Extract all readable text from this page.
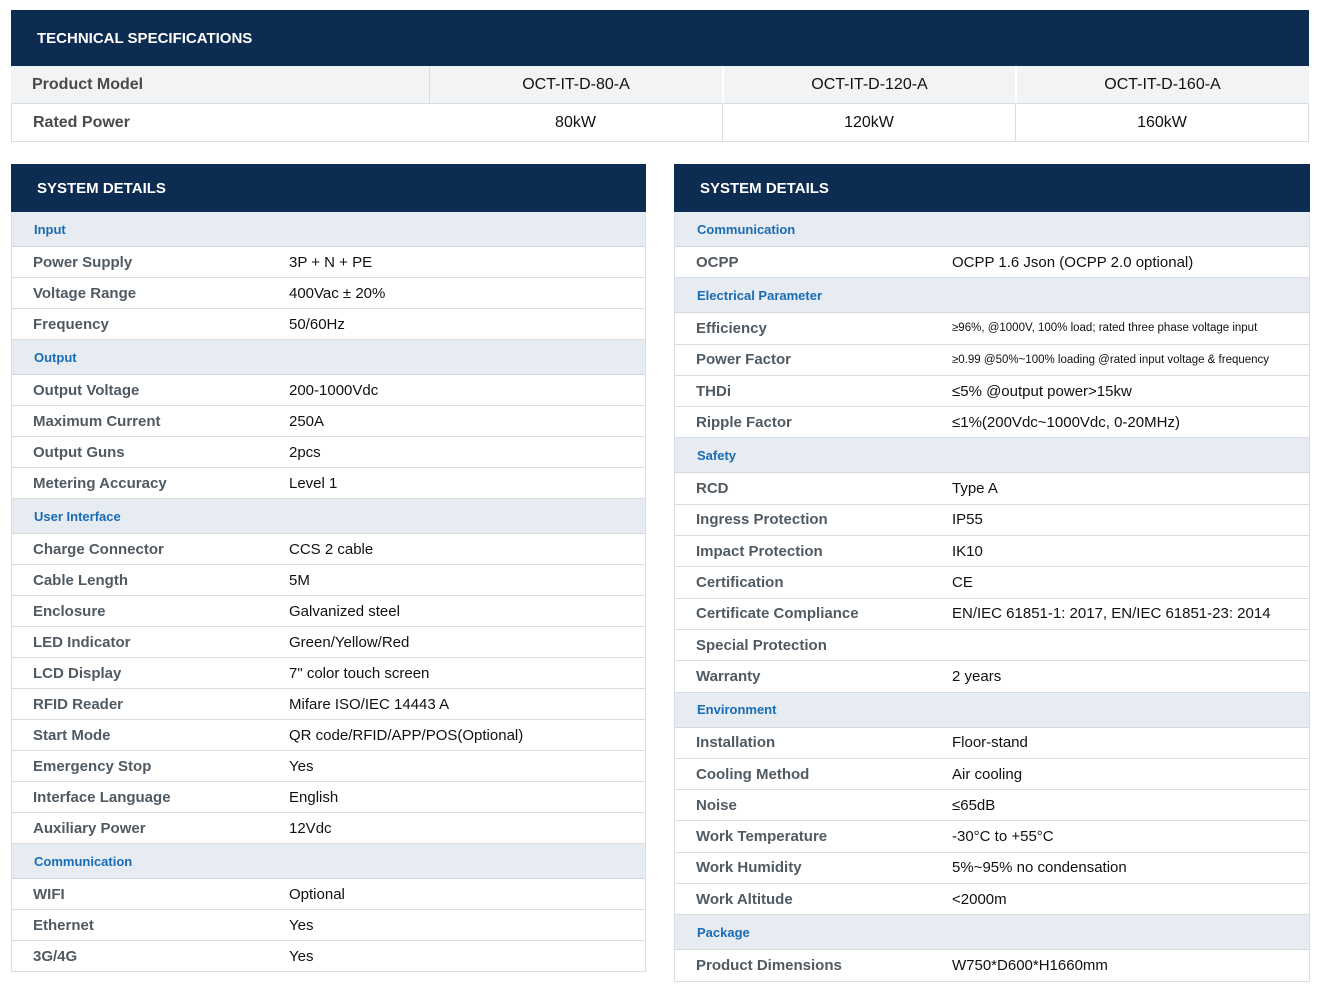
TECHNICAL SPECIFICATIONS
Product Model	OCT-IT-D-80-A	OCT-IT-D-120-A	OCT-IT-D-160-A
Rated Power	80kW	120kW	160kW
SYSTEM DETAILS
Input
Power Supply	3P + N + PE
Voltage Range	400Vac ± 20%
Frequency	50/60Hz
Output
Output Voltage	200-1000Vdc
Maximum Current	250A
Output Guns	2pcs
Metering Accuracy	Level 1
User Interface
Charge Connector	CCS 2 cable
Cable Length	5M
Enclosure	Galvanized steel
LED Indicator	Green/Yellow/Red
LCD Display	7" color touch screen
RFID Reader	Mifare ISO/IEC 14443 A
Start Mode	QR code/RFID/APP/POS(Optional)
Emergency Stop	Yes
Interface Language	English
Auxiliary Power	12Vdc
Communication
WIFI	Optional
Ethernet	Yes
3G/4G	Yes
SYSTEM DETAILS
Communication
OCPP	OCPP 1.6 Json (OCPP 2.0 optional)
Electrical Parameter
Efficiency	≥96%, @1000V, 100% load; rated three phase voltage input
Power Factor	≥0.99 @50%~100% loading @rated input voltage & frequency
THDi	≤5% @output power>15kw
Ripple Factor	≤1%(200Vdc~1000Vdc, 0-20MHz)
Safety
RCD	Type A
Ingress Protection	IP55
Impact Protection	IK10
Certification	CE
Certificate Compliance	EN/IEC 61851-1: 2017, EN/IEC 61851-23: 2014
Special Protection
Warranty	2 years
Environment
Installation	Floor-stand
Cooling Method	Air cooling
Noise	≤65dB
Work Temperature	-30°C to +55°C
Work Humidity	5%~95% no condensation
Work Altitude	<2000m
Package
Product Dimensions	W750*D600*H1660mm
